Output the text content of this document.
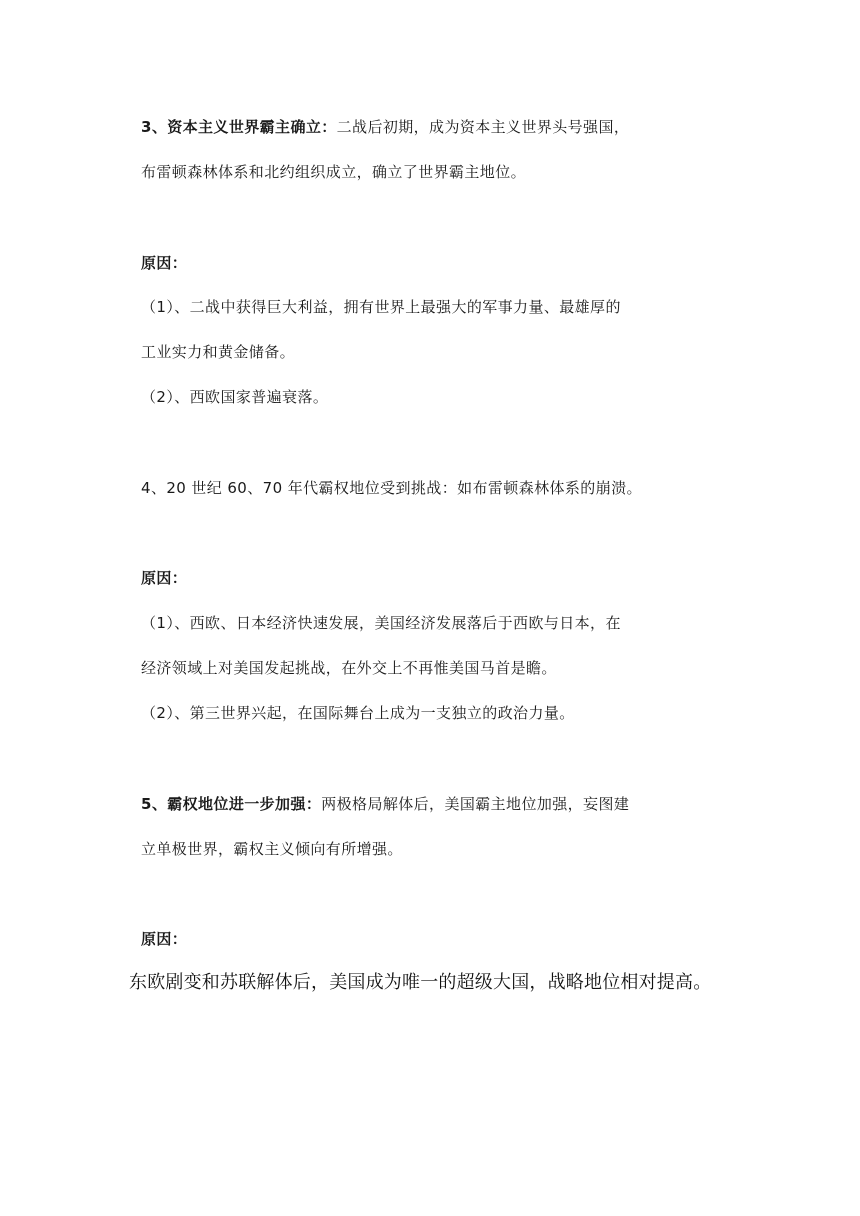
3、资本主义世界霸主确立：二战后初期，成为资本主义世界头号强国，
布雷顿森林体系和北约组织成立，确立了世界霸主地位。
原因：
（1）、二战中获得巨大利益，拥有世界上最强大的军事力量、最雄厚的
工业实力和黄金储备。
（2）、西欧国家普遍衰落。
4、20 世纪 60、70 年代霸权地位受到挑战：如布雷顿森林体系的崩溃。
原因：
（1）、西欧、日本经济快速发展，美国经济发展落后于西欧与日本，在
经济领域上对美国发起挑战，在外交上不再惟美国马首是瞻。
（2）、第三世界兴起，在国际舞台上成为一支独立的政治力量。
5、霸权地位进一步加强：两极格局解体后，美国霸主地位加强，妄图建
立单极世界，霸权主义倾向有所增强。
原因：
东欧剧变和苏联解体后，美国成为唯一的超级大国，战略地位相对提高。
